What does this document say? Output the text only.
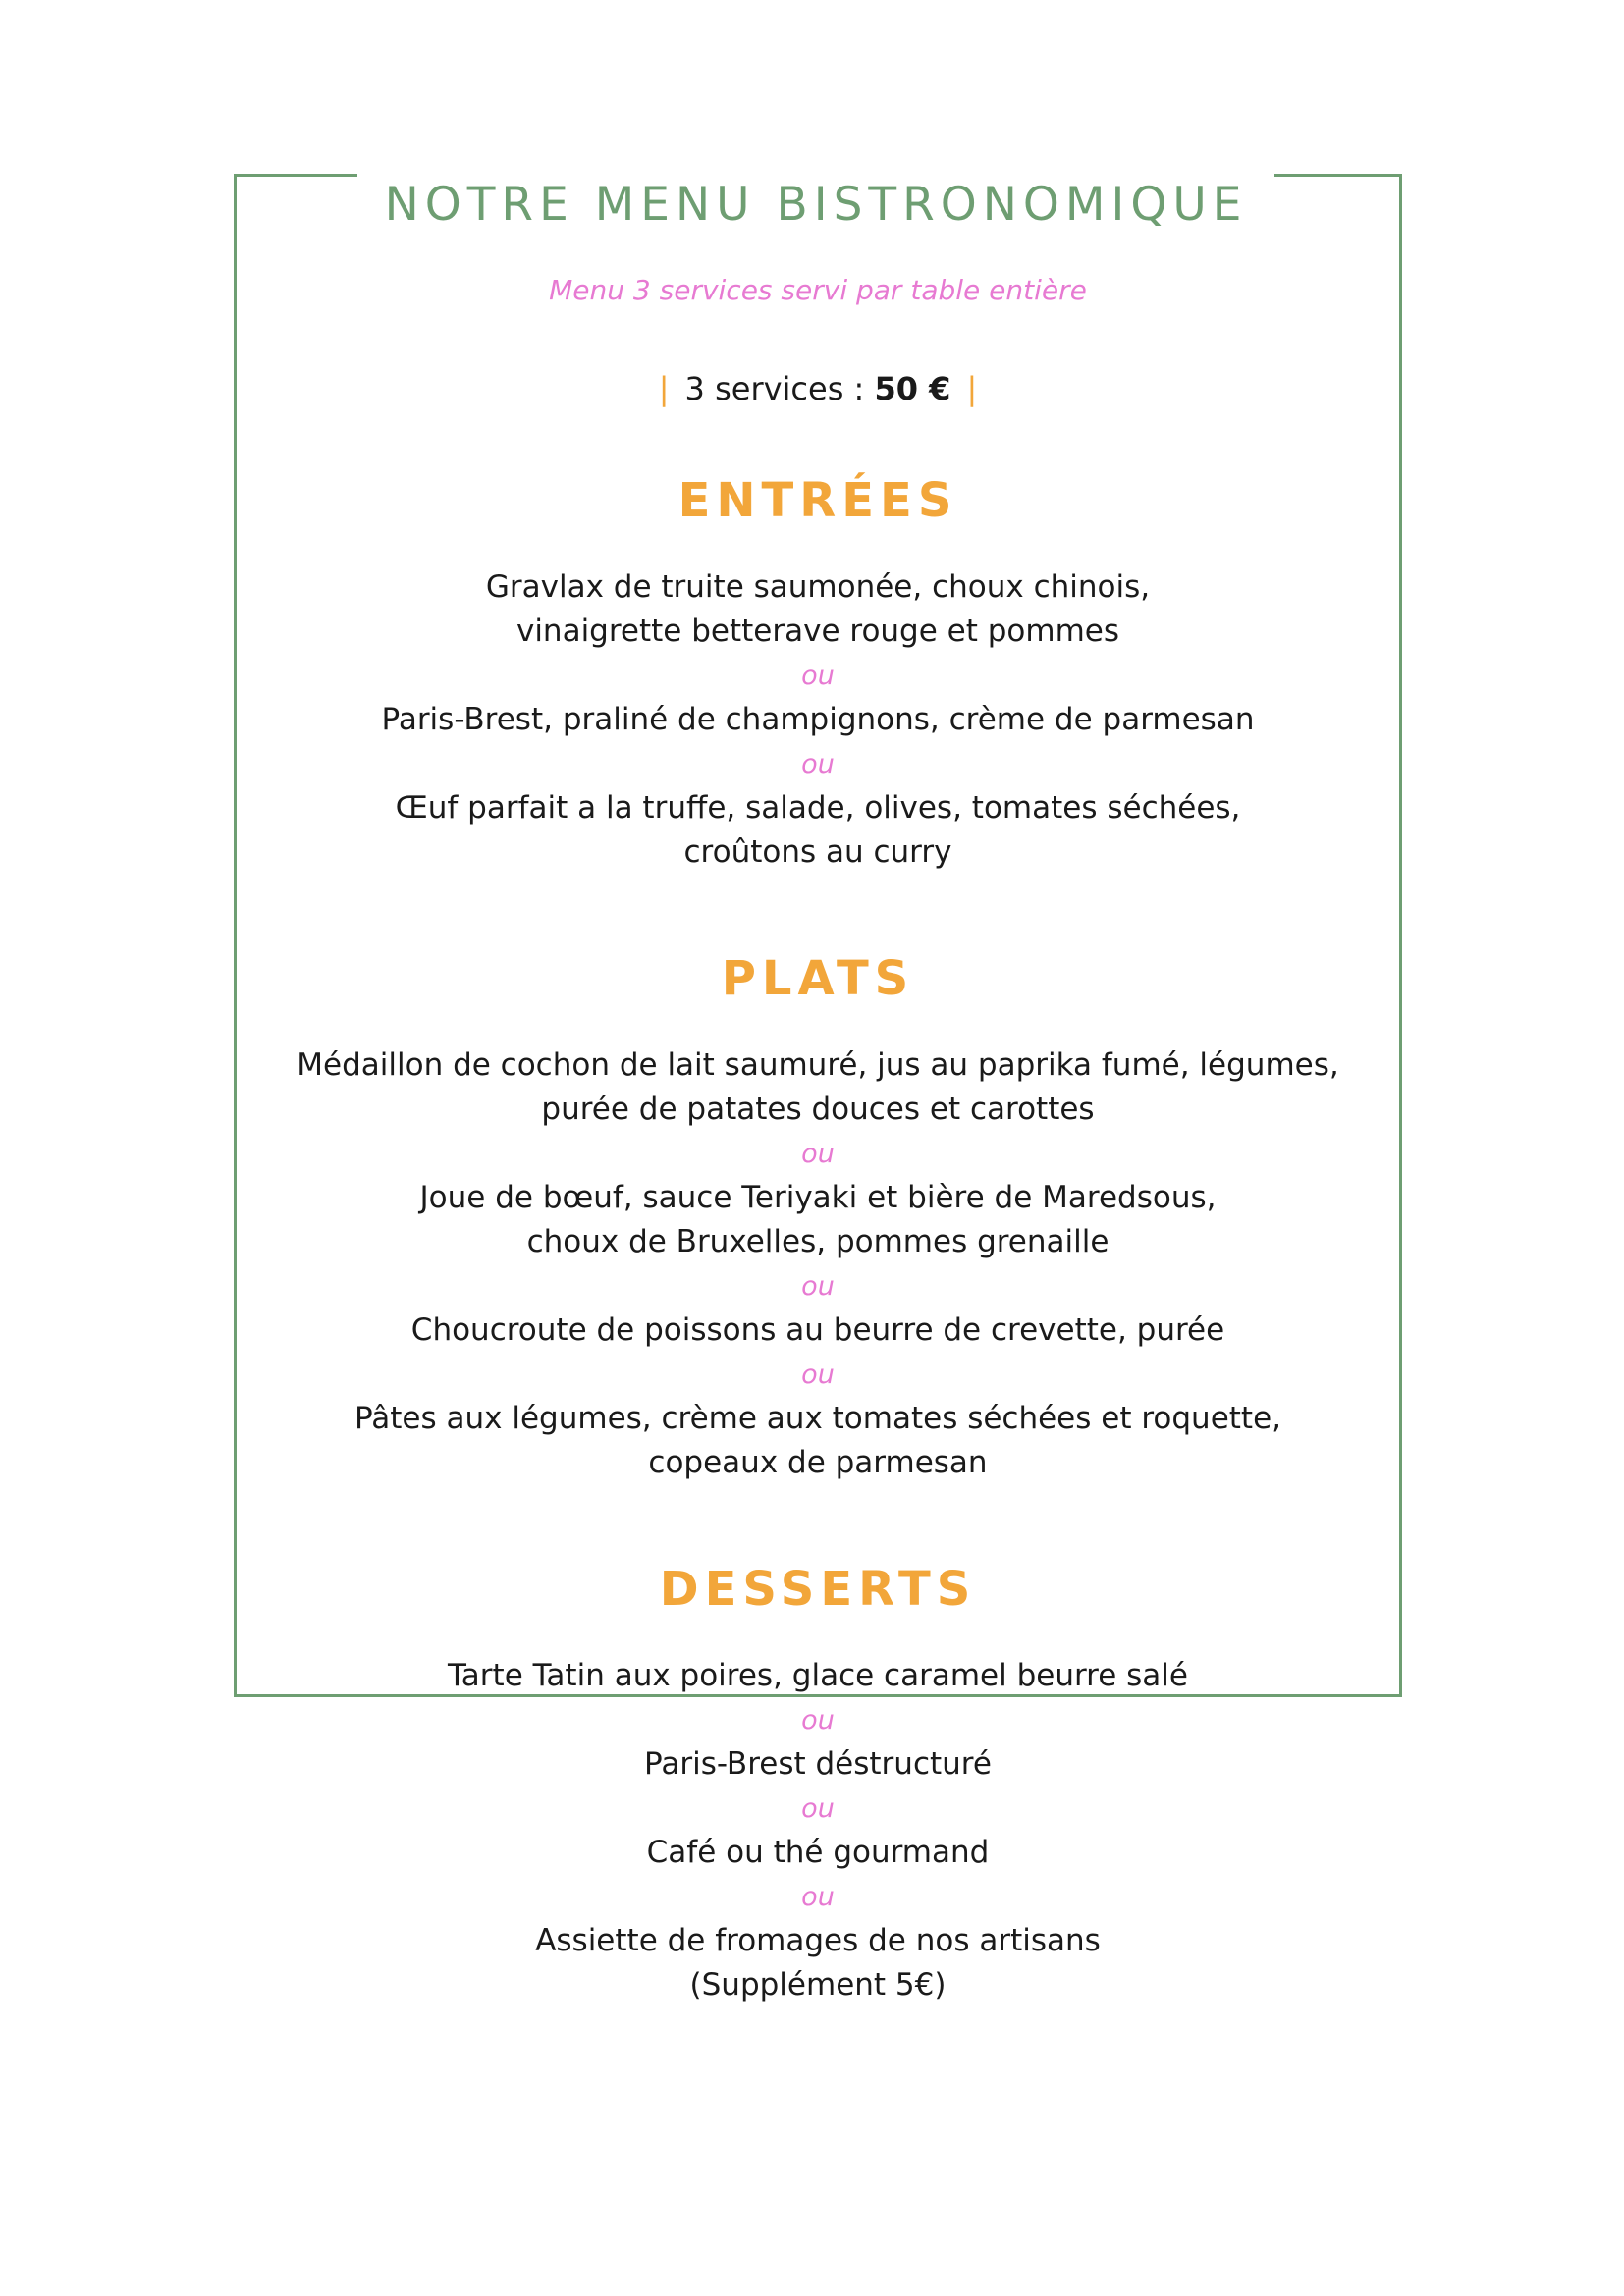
NOTRE MENU BISTRONOMIQUE

Menu 3 services servi par table entière

| 3 services : 50 € |
ENTRÉES
Gravlax de truite saumonée, choux chinois,
vinaigrette betterave rouge et pommes
ou
Paris-Brest, praliné de champignons, crème de parmesan
ou
Œuf parfait a la truffe, salade, olives, tomates séchées,
croûtons au curry
PLATS
Médaillon de cochon de lait saumuré, jus au paprika fumé, légumes,
purée de patates douces et carottes
ou
Joue de bœuf, sauce Teriyaki et bière de Maredsous,
choux de Bruxelles, pommes grenaille
ou
Choucroute de poissons au beurre de crevette, purée
ou
Pâtes aux légumes, crème aux tomates séchées et roquette,
copeaux de parmesan
DESSERTS
Tarte Tatin aux poires, glace caramel beurre salé
ou
Paris-Brest déstructuré
ou
Café ou thé gourmand
ou
Assiette de fromages de nos artisans
(Supplément 5€)
